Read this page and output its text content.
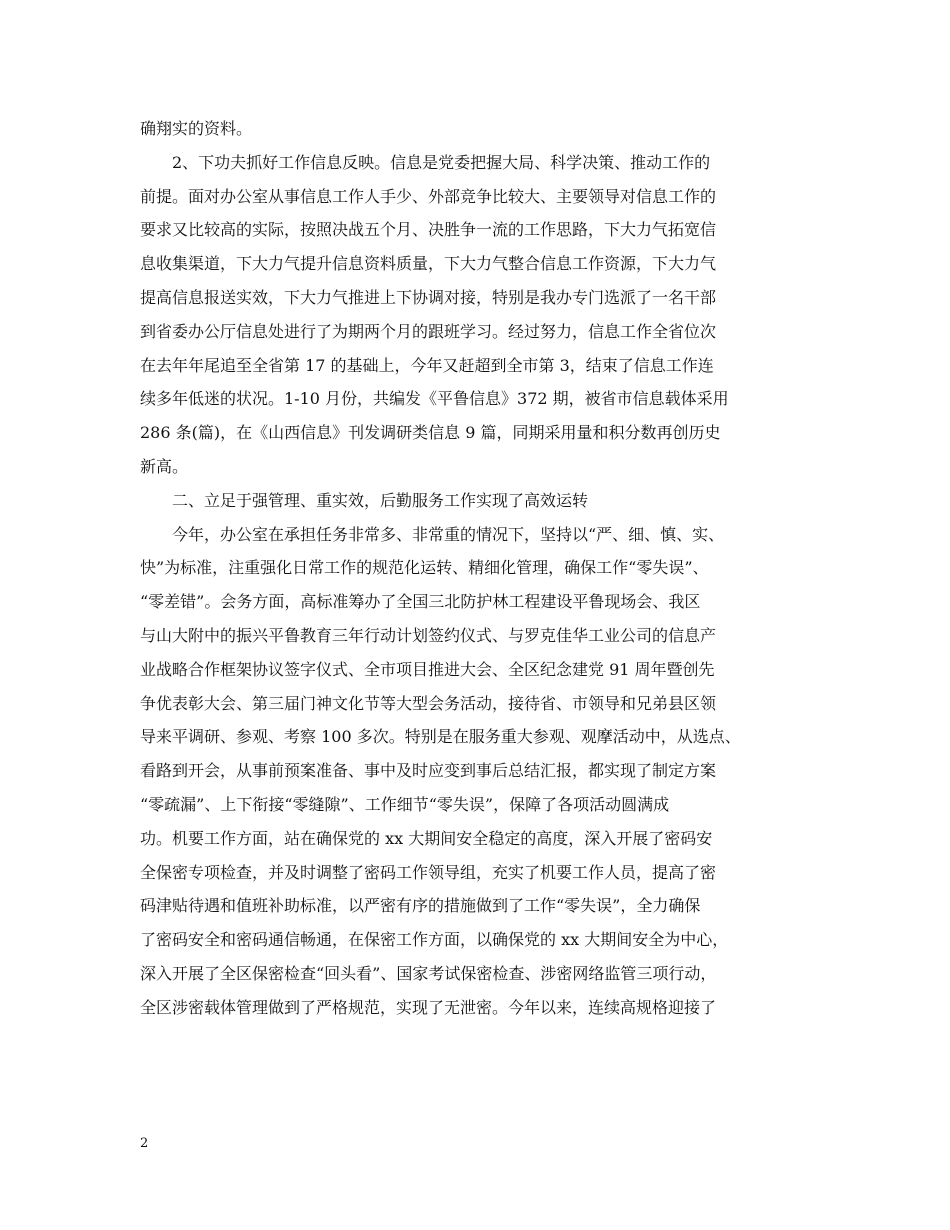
确翔实的资料。

2、下功夫抓好工作信息反映。信息是党委把握大局、科学决策、推动工作的

前提。面对办公室从事信息工作人手少、外部竞争比较大、主要领导对信息工作的

要求又比较高的实际，按照决战五个月、决胜争一流的工作思路，下大力气拓宽信

息收集渠道，下大力气提升信息资料质量，下大力气整合信息工作资源，下大力气

提高信息报送实效，下大力气推进上下协调对接，特别是我办专门选派了一名干部

到省委办公厅信息处进行了为期两个月的跟班学习。经过努力，信息工作全省位次

在去年年尾追至全省第 17 的基础上，今年又赶超到全市第 3，结束了信息工作连

续多年低迷的状况。1-10 月份，共编发《平鲁信息》372 期，被省市信息载体采用

286 条(篇)，在《山西信息》刊发调研类信息 9 篇，同期采用量和积分数再创历史

新高。

二、立足于强管理、重实效，后勤服务工作实现了高效运转

今年，办公室在承担任务非常多、非常重的情况下，坚持以“严、细、慎、实、

快”为标准，注重强化日常工作的规范化运转、精细化管理，确保工作“零失误”、

“零差错”。会务方面，高标准筹办了全国三北防护林工程建设平鲁现场会、我区

与山大附中的振兴平鲁教育三年行动计划签约仪式、与罗克佳华工业公司的信息产

业战略合作框架协议签字仪式、全市项目推进大会、全区纪念建党 91 周年暨创先

争优表彰大会、第三届门神文化节等大型会务活动，接待省、市领导和兄弟县区领

导来平调研、参观、考察 100 多次。特别是在服务重大参观、观摩活动中，从选点、

看路到开会，从事前预案准备、事中及时应变到事后总结汇报，都实现了制定方案

“零疏漏”、上下衔接“零缝隙”、工作细节“零失误”，保障了各项活动圆满成

功。机要工作方面，站在确保党的 xx 大期间安全稳定的高度，深入开展了密码安

全保密专项检查，并及时调整了密码工作领导组，充实了机要工作人员，提高了密

码津贴待遇和值班补助标准，以严密有序的措施做到了工作“零失误”，全力确保

了密码安全和密码通信畅通，在保密工作方面，以确保党的 xx 大期间安全为中心，

深入开展了全区保密检查“回头看”、国家考试保密检查、涉密网络监管三项行动，

全区涉密载体管理做到了严格规范，实现了无泄密。今年以来，连续高规格迎接了

2
